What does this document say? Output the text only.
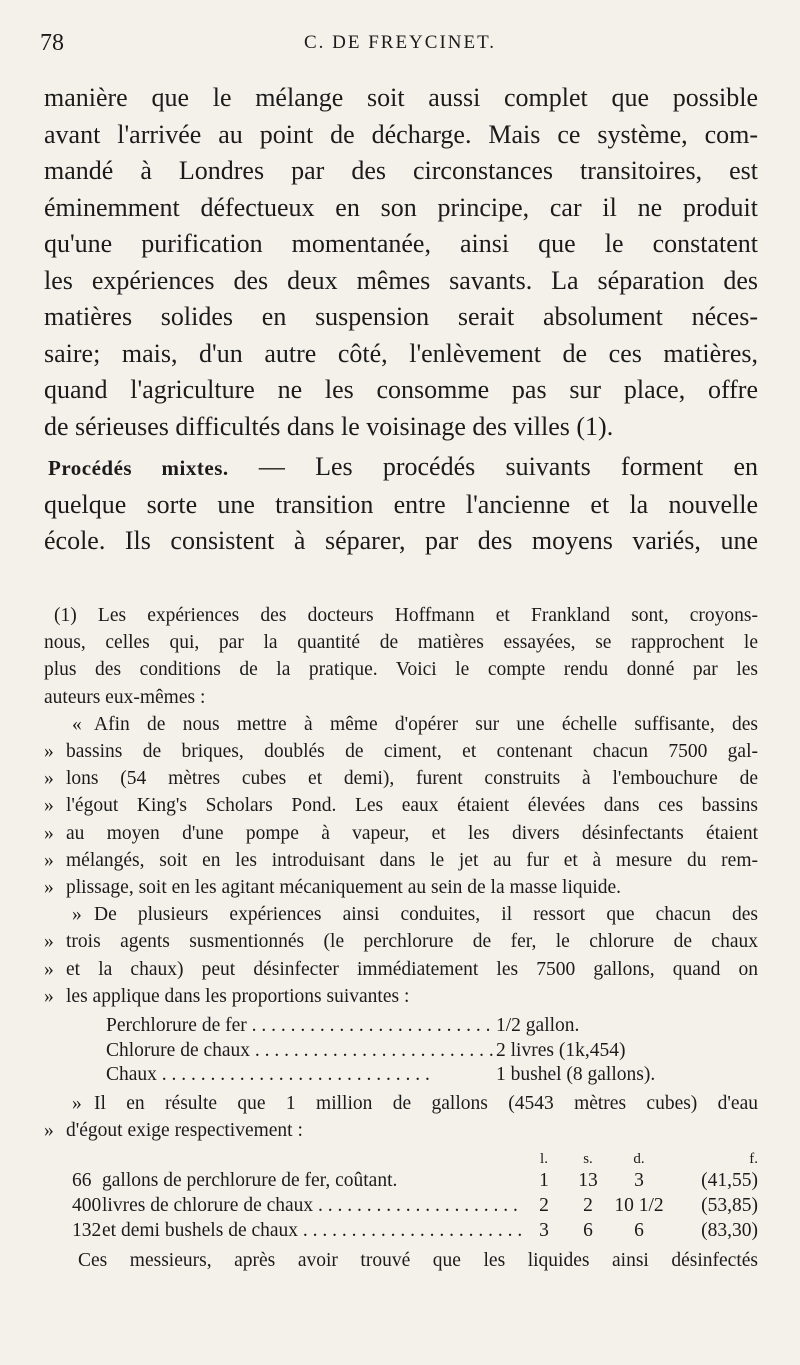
78	C. DE FREYCINET.

manière que le mélange soit aussi complet que possible
avant l'arrivée au point de décharge. Mais ce système, com-
mandé à Londres par des circonstances transitoires, est
éminemment défectueux en son principe, car il ne produit
qu'une purification momentanée, ainsi que le constatent
les expériences des deux mêmes savants. La séparation des
matières solides en suspension serait absolument néces-
saire; mais, d'un autre côté, l'enlèvement de ces matières,
quand l'agriculture ne les consomme pas sur place, offre
de sérieuses difficultés dans le voisinage des villes (1).

Procédés mixtes. — Les procédés suivants forment en
quelque sorte une transition entre l'ancienne et la nouvelle
école. Ils consistent à séparer, par des moyens variés, une

(1) Les expériences des docteurs Hoffmann et Frankland sont, croyons-
nous, celles qui, par la quantité de matières essayées, se rapprochent le
plus des conditions de la pratique. Voici le compte rendu donné par les
auteurs eux-mêmes :
« Afin de nous mettre à même d'opérer sur une échelle suffisante, des
» bassins de briques, doublés de ciment, et contenant chacun 7500 gal-
» lons (54 mètres cubes et demi), furent construits à l'embouchure de
» l'égout King's Scholars Pond. Les eaux étaient élevées dans ces bassins
» au moyen d'une pompe à vapeur, et les divers désinfectants étaient
» mélangés, soit en les introduisant dans le jet au fur et à mesure du rem-
» plissage, soit en les agitant mécaniquement au sein de la masse liquide.
» De plusieurs expériences ainsi conduites, il ressort que chacun des
» trois agents susmentionnés (le perchlorure de fer, le chlorure de chaux
» et la chaux) peut désinfecter immédiatement les 7500 gallons, quand on
» les applique dans les proportions suivantes :
Perchlorure de fer . . .	1/2 gallon.
Chlorure de chaux . . .	2 livres (1k,454)
Chaux . . .	1 bushel (8 gallons).
» Il en résulte que 1 million de gallons (4543 mètres cubes) d'eau
» d'égout exige respectivement :
l.	s.	d.	f.
66 gallons de perchlorure de fer, coûtant.	1	13	3	(41,55)
400 livres de chlorure de chaux . . .	2	2	10 1/2	(53,85)
132 et demi bushels de chaux . . .	3	6	6	(83,30)
Ces messieurs, après avoir trouvé que les liquides ainsi désinfectés
